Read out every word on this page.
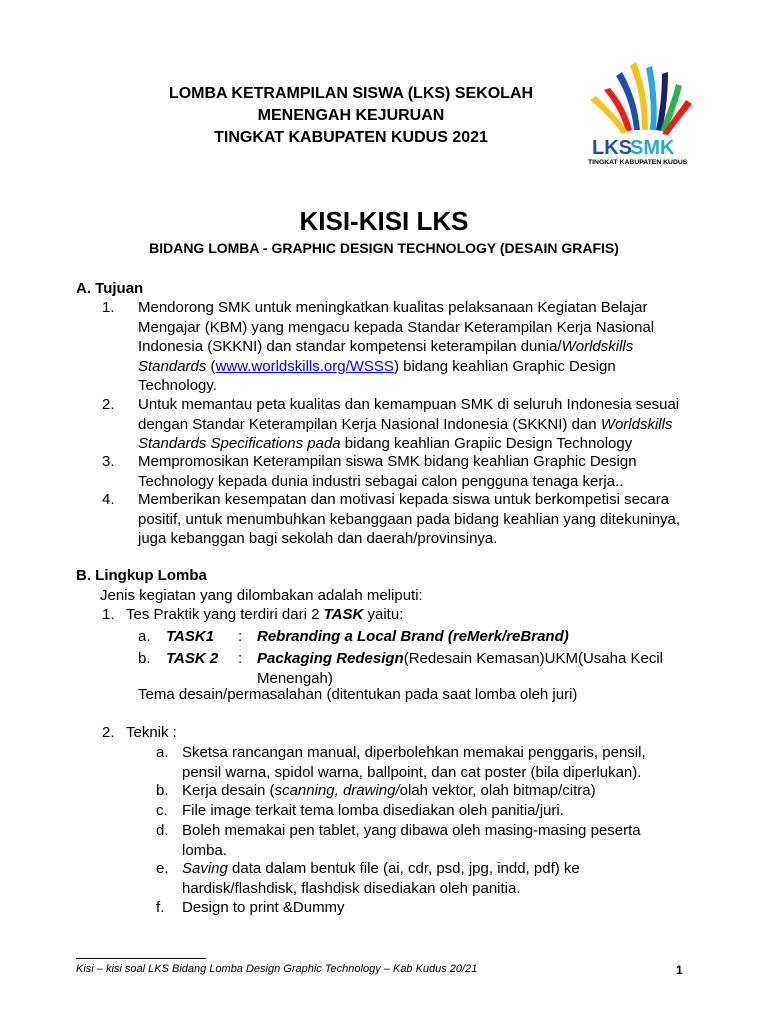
LOMBA KETRAMPILAN SISWA (LKS) SEKOLAH
MENENGAH KEJURUAN
TINGKAT KABUPATEN KUDUS 2021	LKS
SMK
TINGKAT KABUPATEN KUDUS
KISI-KISI LKS
BIDANG LOMBA - GRAPHIC DESIGN TECHNOLOGY (DESAIN GRAFIS)
A. Tujuan
1. Mendorong SMK untuk meningkatkan kualitas pelaksanaan Kegiatan Belajar
Mengajar (KBM) yang mengacu kepada Standar Keterampilan Kerja Nasional
Indonesia (SKKNI) dan standar kompetensi keterampilan dunia/Worldskills
Standards (www.worldskills.org/WSSS) bidang keahlian Graphic Design
Technology.
2. Untuk memantau peta kualitas dan kemampuan SMK di seluruh Indonesia sesuai
dengan Standar Keterampilan Kerja Nasional Indonesia (SKKNI) dan Worldskills
Standards Specifications pada bidang keahlian Grapiic Design Technology
3. Mempromosikan Keterampilan siswa SMK bidang keahlian Graphic Design
Technology kepada dunia industri sebagai calon pengguna tenaga kerja..
4. Memberikan kesempatan dan motivasi kepada siswa untuk berkompetisi secara
positif, untuk menumbuhkan kebanggaan pada bidang keahlian yang ditekuninya,
juga kebanggan bagi sekolah dan daerah/provinsinya.
B. Lingkup Lomba
Jenis kegiatan yang dilombakan adalah meliputi:
1. Tes Praktik yang terdiri dari 2 TASK yaitu:
a. TASK1 : Rebranding a Local Brand (reMerk/reBrand)
b. TASK 2 : Packaging Redesign(Redesain Kemasan)UKM(Usaha Kecil
Menengah)
Tema desain/permasalahan (ditentukan pada saat lomba oleh juri)
2. Teknik :
a. Sketsa rancangan manual, diperbolehkan memakai penggaris, pensil,
pensil warna, spidol warna, ballpoint, dan cat poster (bila diperlukan).
b. Kerja desain (scanning, drawing/olah vektor, olah bitmap/citra)
c. File image terkait tema lomba disediakan oleh panitia/juri.
d. Boleh memakai pen tablet, yang dibawa oleh masing-masing peserta
lomba.
e. Saving data dalam bentuk file (ai, cdr, psd, jpg, indd, pdf) ke
hardisk/flashdisk, flashdisk disediakan oleh panitia.
f. Design to print &Dummy
Kisi – kisi soal LKS Bidang Lomba Design Graphic Technology – Kab Kudus 20/21	1
